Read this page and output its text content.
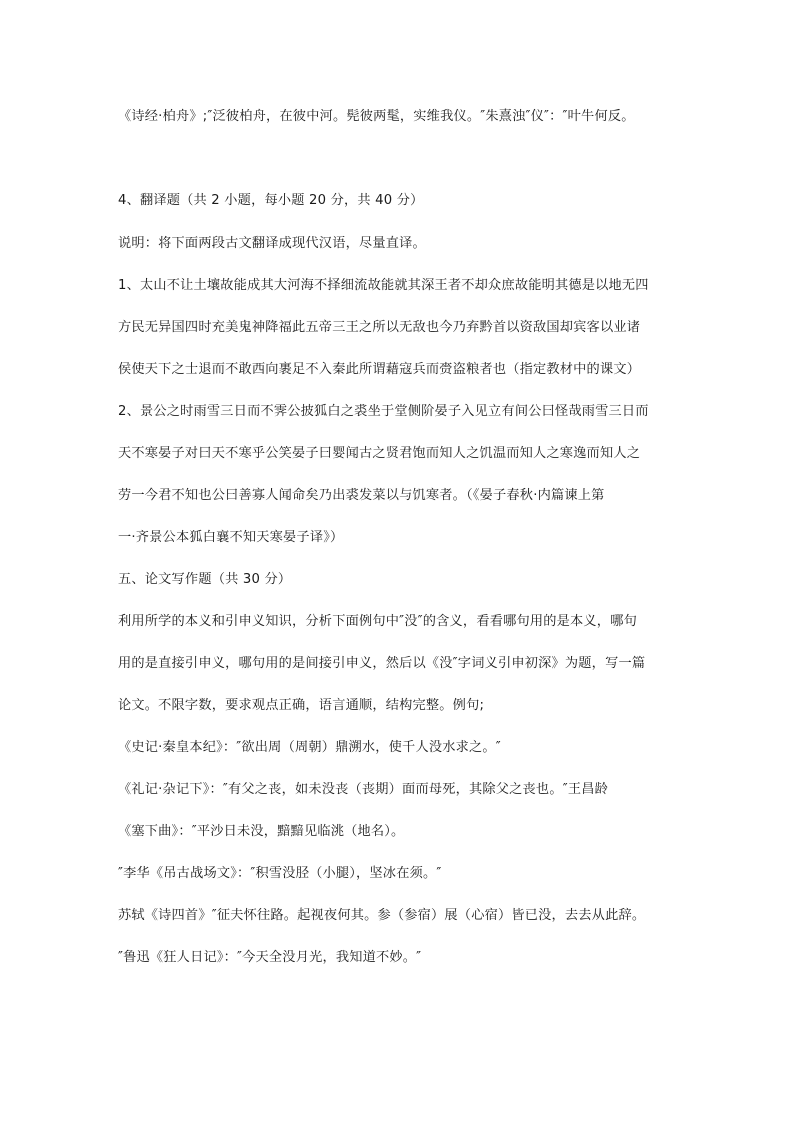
《诗经·柏舟》;″泛彼柏舟，在彼中河。髡彼两髦，实维我仪。″朱熹浊″仪″：″叶牛何反。
4、翻译题（共 2 小题，每小题 20 分，共 40 分）
说明：将下面两段古文翻译成现代汉语，尽量直译。
1、太山不让土壤故能成其大河海不择细流故能就其深王者不却众庶故能明其德是以地无四
方民无异国四时充美鬼神降福此五帝三王之所以无敌也今乃弃黔首以资敌国却宾客以业诸
侯使天下之士退而不敢西向裹足不入秦此所谓藉寇兵而赍盗粮者也（指定教材中的课文）
2、景公之时雨雪三日而不霁公披狐白之裘坐于堂侧阶晏子入见立有间公曰怪哉雨雪三日而
天不寒晏子对曰天不寒乎公笑晏子曰婴闻古之贤君饱而知人之饥温而知人之寒逸而知人之
劳一今君不知也公曰善寡人闻命矣乃出裘发菜以与饥寒者。（《晏子春秋·内篇谏上第
一·齐景公本狐白襄不知天寒晏子译》）
五、论文写作题（共 30 分）
利用所学的本义和引申义知识，分析下面例句中″没″的含义，看看哪句用的是本义，哪句
用的是直接引申义，哪句用的是间接引申义，然后以《没″字词义引申初深》为题，写一篇
论文。不限字数，要求观点正确，语言通顺，结构完整。例句;
《史记·秦皇本纪》：″欲出周（周朝）鼎溯水，使千人没水求之。″
《礼记·杂记下》：″有父之丧，如未没丧（丧期）面而母死，其除父之丧也。″王昌龄
《塞下曲》：″平沙日未没，黯黯见临洮（地名）。
″李华《吊古战场文》：″积雪没胫（小腿），坚冰在须。″
苏轼《诗四首》″征夫怀往路。起视夜何其。参（参宿）展（心宿）皆已没，去去从此辞。
″鲁迅《狂人日记》：″今天全没月光，我知道不妙。″
